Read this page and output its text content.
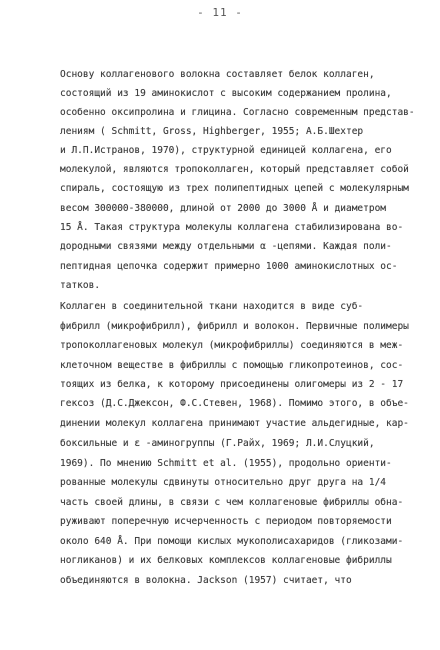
- 11 -
Основу коллагенового волокна составляет белок коллаген,
состоящий из 19 аминокислот с высоким содержанием пролина,
особенно оксипролина и глицина. Согласно современным представ-
лениям ( Schmitt, Gross, Highberger, 1955; А.Б.Шехтер
и Л.П.Истранов, 1970), структурной единицей коллагена, его
молекулой, являются тропоколлаген, который представляет собой
спираль, состоящую из трех полипептидных цепей с молекулярным
весом 300000-380000, длиной от 2000 до 3000 Å и диаметром
15 Å. Такая структура молекулы коллагена стабилизирована во-
дородными связями между отдельными α -цепями. Каждая поли-
пептидная цепочка содержит примерно 1000 аминокислотных ос-
татков.
Коллаген в соединительной ткани находится в виде суб-
фибрилл (микрофибрилл), фибрилл и волокон. Первичные полимеры
тропоколлагеновых молекул (микрофибриллы) соединяются в меж-
клеточном веществе в фибриллы с помощью гликопротеинов, сос-
тоящих из белка, к которому присоединены олигомеры из 2 - 17
гексоз (Д.С.Джексон, Ф.С.Стевен, 1968). Помимо этого, в объе-
динении молекул коллагена принимают участие альдегидные, кар-
боксильные и ε -аминогруппы (Г.Райх, 1969; Л.И.Слуцкий,
1969). По мнению Schmitt et al. (1955), продольно ориенти-
рованные молекулы сдвинуты относительно друг друга на 1/4
часть своей длины, в связи с чем коллагеновые фибриллы обна-
руживают поперечную исчерченность с периодом повторяемости
около 640 Å. При помощи кислых мукополисахаридов (гликозами-
ногликанов) и их белковых комплексов коллагеновые фибриллы
объединяются в волокна. Jackson (1957) считает, что
